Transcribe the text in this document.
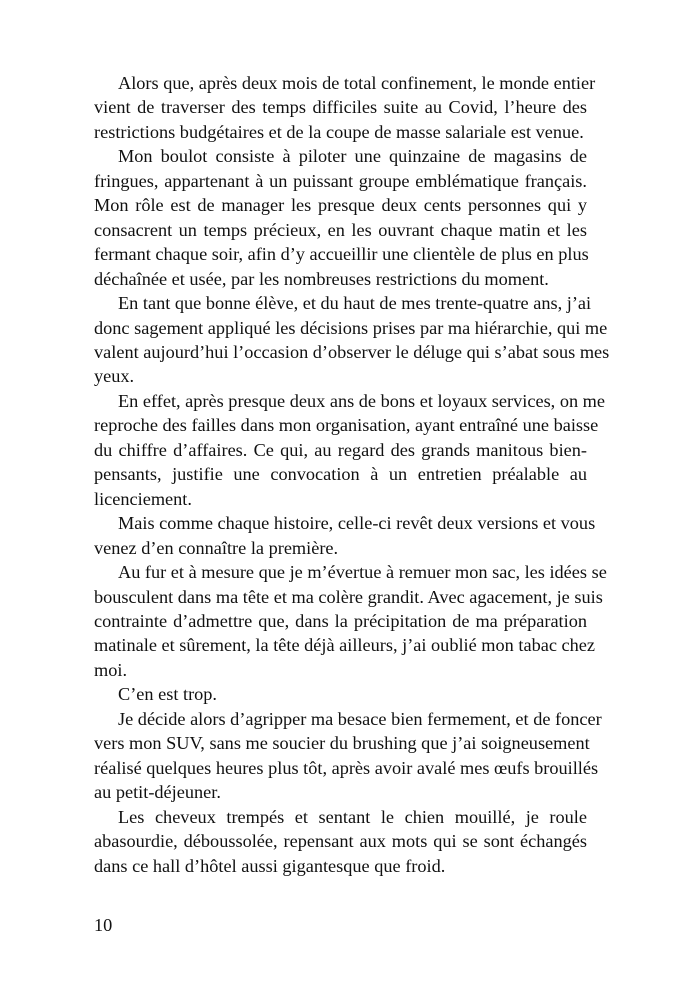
Alors que, après deux mois de total confinement, le monde entier
vient de traverser des temps difficiles suite au Covid, l’heure des
restrictions budgétaires et de la coupe de masse salariale est venue.

Mon boulot consiste à piloter une quinzaine de magasins de
fringues, appartenant à un puissant groupe emblématique français.
Mon rôle est de manager les presque deux cents personnes qui y
consacrent un temps précieux, en les ouvrant chaque matin et les
fermant chaque soir, afin d’y accueillir une clientèle de plus en plus
déchaînée et usée, par les nombreuses restrictions du moment.

En tant que bonne élève, et du haut de mes trente-quatre ans, j’ai
donc sagement appliqué les décisions prises par ma hiérarchie, qui me
valent aujourd’hui l’occasion d’observer le déluge qui s’abat sous mes
yeux.

En effet, après presque deux ans de bons et loyaux services, on me
reproche des failles dans mon organisation, ayant entraîné une baisse
du chiffre d’affaires. Ce qui, au regard des grands manitous bien-
pensants, justifie une convocation à un entretien préalable au
licenciement.

Mais comme chaque histoire, celle-ci revêt deux versions et vous
venez d’en connaître la première.

Au fur et à mesure que je m’évertue à remuer mon sac, les idées se
bousculent dans ma tête et ma colère grandit. Avec agacement, je suis
contrainte d’admettre que, dans la précipitation de ma préparation
matinale et sûrement, la tête déjà ailleurs, j’ai oublié mon tabac chez
moi.

C’en est trop.

Je décide alors d’agripper ma besace bien fermement, et de foncer
vers mon SUV, sans me soucier du brushing que j’ai soigneusement
réalisé quelques heures plus tôt, après avoir avalé mes œufs brouillés
au petit-déjeuner.

Les cheveux trempés et sentant le chien mouillé, je roule
abasourdie, déboussolée, repensant aux mots qui se sont échangés
dans ce hall d’hôtel aussi gigantesque que froid.

10
